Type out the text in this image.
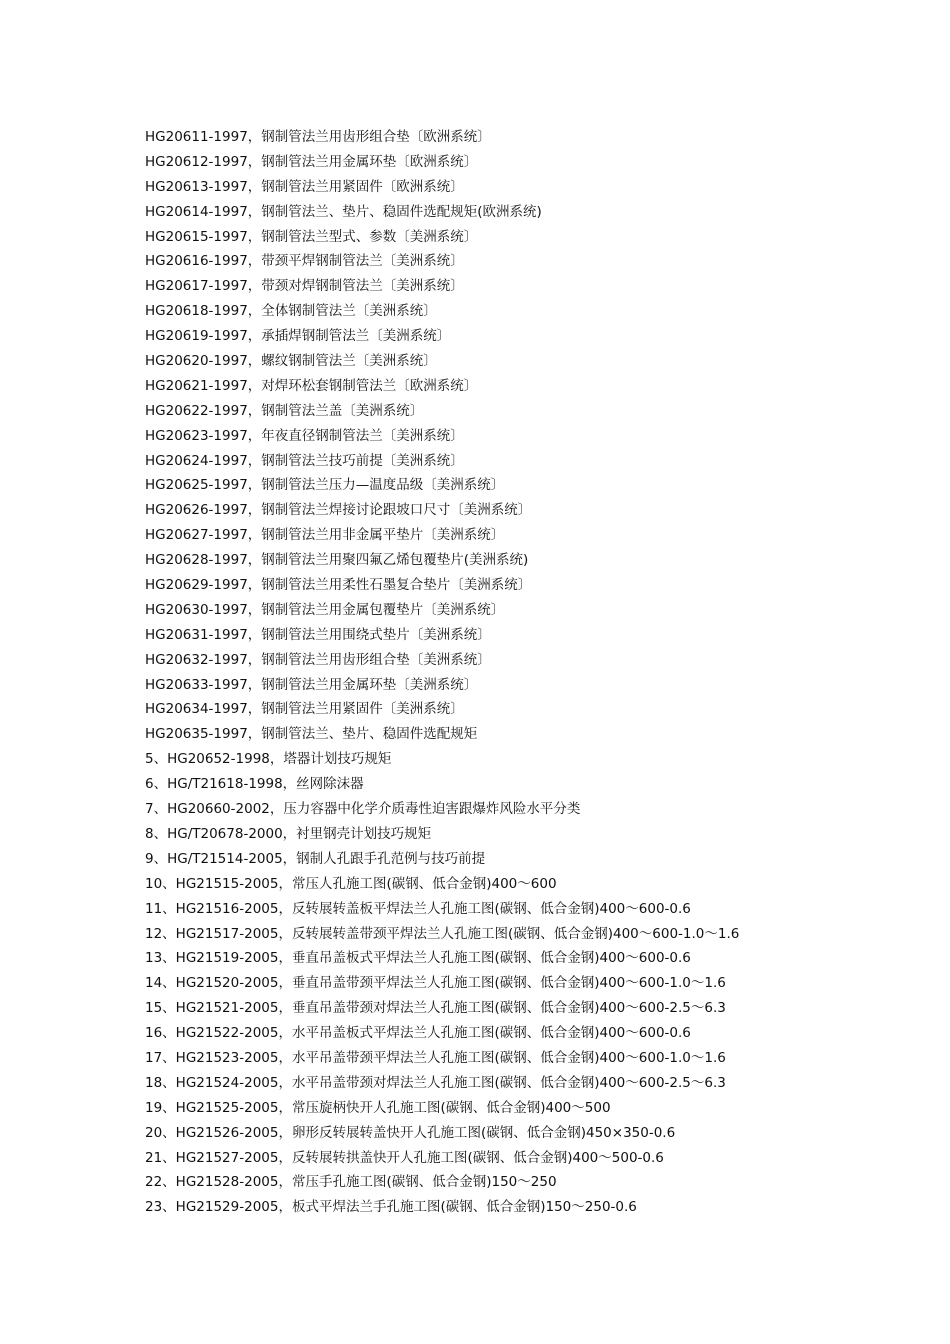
HG20611-1997，钢制管法兰用齿形组合垫〔欧洲系统〕
HG20612-1997，钢制管法兰用金属环垫〔欧洲系统〕
HG20613-1997，钢制管法兰用紧固件〔欧洲系统〕
HG20614-1997，钢制管法兰、垫片、稳固件选配规矩(欧洲系统)
HG20615-1997，钢制管法兰型式、参数〔美洲系统〕
HG20616-1997，带颈平焊钢制管法兰〔美洲系统〕
HG20617-1997，带颈对焊钢制管法兰〔美洲系统〕
HG20618-1997，全体钢制管法兰〔美洲系统〕
HG20619-1997，承插焊钢制管法兰〔美洲系统〕
HG20620-1997，螺纹钢制管法兰〔美洲系统〕
HG20621-1997，对焊环松套钢制管法兰〔欧洲系统〕
HG20622-1997，钢制管法兰盖〔美洲系统〕
HG20623-1997，年夜直径钢制管法兰〔美洲系统〕
HG20624-1997，钢制管法兰技巧前提〔美洲系统〕
HG20625-1997，钢制管法兰压力—温度品级〔美洲系统〕
HG20626-1997，钢制管法兰焊接讨论跟坡口尺寸〔美洲系统〕
HG20627-1997，钢制管法兰用非金属平垫片〔美洲系统〕
HG20628-1997，钢制管法兰用聚四氟乙烯包覆垫片(美洲系统)
HG20629-1997，钢制管法兰用柔性石墨复合垫片〔美洲系统〕
HG20630-1997，钢制管法兰用金属包覆垫片〔美洲系统〕
HG20631-1997，钢制管法兰用围绕式垫片〔美洲系统〕
HG20632-1997，钢制管法兰用齿形组合垫〔美洲系统〕
HG20633-1997，钢制管法兰用金属环垫〔美洲系统〕
HG20634-1997，钢制管法兰用紧固件〔美洲系统〕
HG20635-1997，钢制管法兰、垫片、稳固件选配规矩
5、HG20652-1998，塔器计划技巧规矩
6、HG/T21618-1998，丝网除沫器
7、HG20660-2002，压力容器中化学介质毒性迫害跟爆炸风险水平分类
8、HG/T20678-2000，衬里钢壳计划技巧规矩
9、HG/T21514-2005，钢制人孔跟手孔范例与技巧前提
10、HG21515-2005，常压人孔施工图(碳钢、低合金钢)400～600
11、HG21516-2005，反转展转盖板平焊法兰人孔施工图(碳钢、低合金钢)400～600-0.6
12、HG21517-2005，反转展转盖带颈平焊法兰人孔施工图(碳钢、低合金钢)400～600-1.0～1.6
13、HG21519-2005，垂直吊盖板式平焊法兰人孔施工图(碳钢、低合金钢)400～600-0.6
14、HG21520-2005，垂直吊盖带颈平焊法兰人孔施工图(碳钢、低合金钢)400～600-1.0～1.6
15、HG21521-2005，垂直吊盖带颈对焊法兰人孔施工图(碳钢、低合金钢)400～600-2.5～6.3
16、HG21522-2005，水平吊盖板式平焊法兰人孔施工图(碳钢、低合金钢)400～600-0.6
17、HG21523-2005，水平吊盖带颈平焊法兰人孔施工图(碳钢、低合金钢)400～600-1.0～1.6
18、HG21524-2005，水平吊盖带颈对焊法兰人孔施工图(碳钢、低合金钢)400～600-2.5～6.3
19、HG21525-2005，常压旋柄快开人孔施工图(碳钢、低合金钢)400～500
20、HG21526-2005，卵形反转展转盖快开人孔施工图(碳钢、低合金钢)450×350-0.6
21、HG21527-2005，反转展转拱盖快开人孔施工图(碳钢、低合金钢)400～500-0.6
22、HG21528-2005，常压手孔施工图(碳钢、低合金钢)150～250
23、HG21529-2005，板式平焊法兰手孔施工图(碳钢、低合金钢)150～250-0.6
